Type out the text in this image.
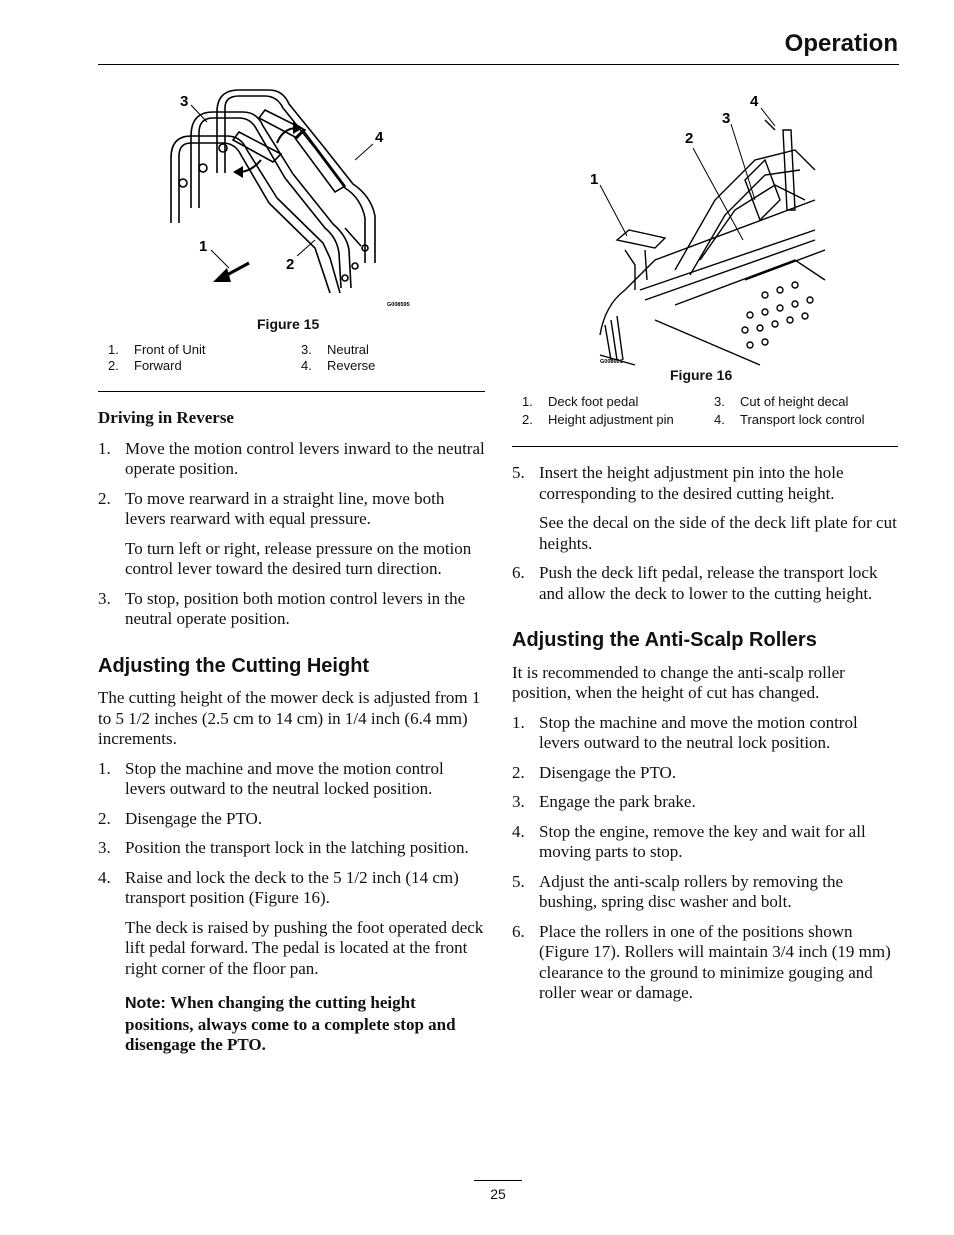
Operation
3
4
1
2
G008595
Figure 15
1. Front of Unit
2. Forward
3. Neutral
4. Reverse
1
2
3
4
G008601
Figure 16
1. Deck foot pedal
2. Height adjustment pin
3. Cut of height decal
4. Transport lock control
Driving in Reverse
1. Move the motion control levers inward to the neutral operate position.
2. To move rearward in a straight line, move both levers rearward with equal pressure.
To turn left or right, release pressure on the motion control lever toward the desired turn direction.
3. To stop, position both motion control levers in the neutral operate position.
Adjusting the Cutting Height

The cutting height of the mower deck is adjusted from 1 to 5 1/2 inches (2.5 cm to 14 cm) in 1/4 inch (6.4 mm) increments.

1. Stop the machine and move the motion control levers outward to the neutral locked position.
2. Disengage the PTO.
3. Position the transport lock in the latching position.
4. Raise and lock the deck to the 5 1/2 inch (14 cm) transport position (Figure 16).
The deck is raised by pushing the foot operated deck lift pedal forward. The pedal is located at the front right corner of the floor pan.
Note: When changing the cutting height positions, always come to a complete stop and disengage the PTO.
5. Insert the height adjustment pin into the hole corresponding to the desired cutting height.
See the decal on the side of the deck lift plate for cut heights.
6. Push the deck lift pedal, release the transport lock and allow the deck to lower to the cutting height.
Adjusting the Anti-Scalp Rollers

It is recommended to change the anti-scalp roller position, when the height of cut has changed.

1. Stop the machine and move the motion control levers outward to the neutral lock position.
2. Disengage the PTO.
3. Engage the park brake.
4. Stop the engine, remove the key and wait for all moving parts to stop.
5. Adjust the anti-scalp rollers by removing the bushing, spring disc washer and bolt.
6. Place the rollers in one of the positions shown (Figure 17). Rollers will maintain 3/4 inch (19 mm) clearance to the ground to minimize gouging and roller wear or damage.
25
